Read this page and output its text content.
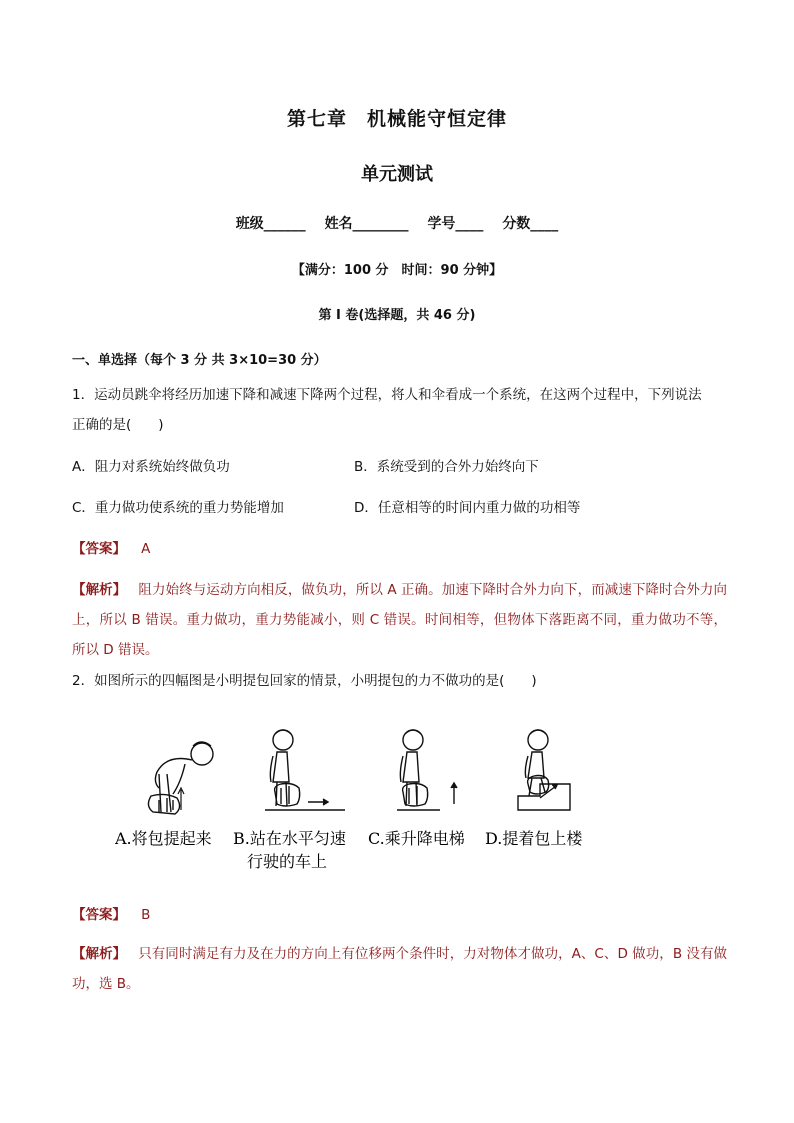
第七章　机械能守恒定律
单元测试
班级______ 姓名________ 学号____ 分数____
【满分：100 分　时间：90 分钟】
第 I 卷(选择题，共 46 分)
一、单选择（每个 3 分 共 3×10=30 分）
1．运动员跳伞将经历加速下降和减速下降两个过程，将人和伞看成一个系统，在这两个过程中，下列说法
正确的是(　　)
A．阻力对系统始终做负功	B．系统受到的合外力始终向下
C．重力做功使系统的重力势能增加	D．任意相等的时间内重力做的功相等
【答案】 A
【解析】 阻力始终与运动方向相反，做负功，所以 A 正确。加速下降时合外力向下，而减速下降时合外力向上，所以 B 错误。重力做功，重力势能减小，则 C 错误。时间相等，但物体下落距离不同，重力做功不等，所以 D 错误。
2．如图所示的四幅图是小明提包回家的情景，小明提包的力不做功的是(　　)
A.将包提起来 B.站在水平匀速
行驶的车上
C.乘升降电梯 D.提着包上楼
【答案】 B
【解析】 只有同时满足有力及在力的方向上有位移两个条件时，力对物体才做功，A、C、D 做功，B 没有做功，选 B。
